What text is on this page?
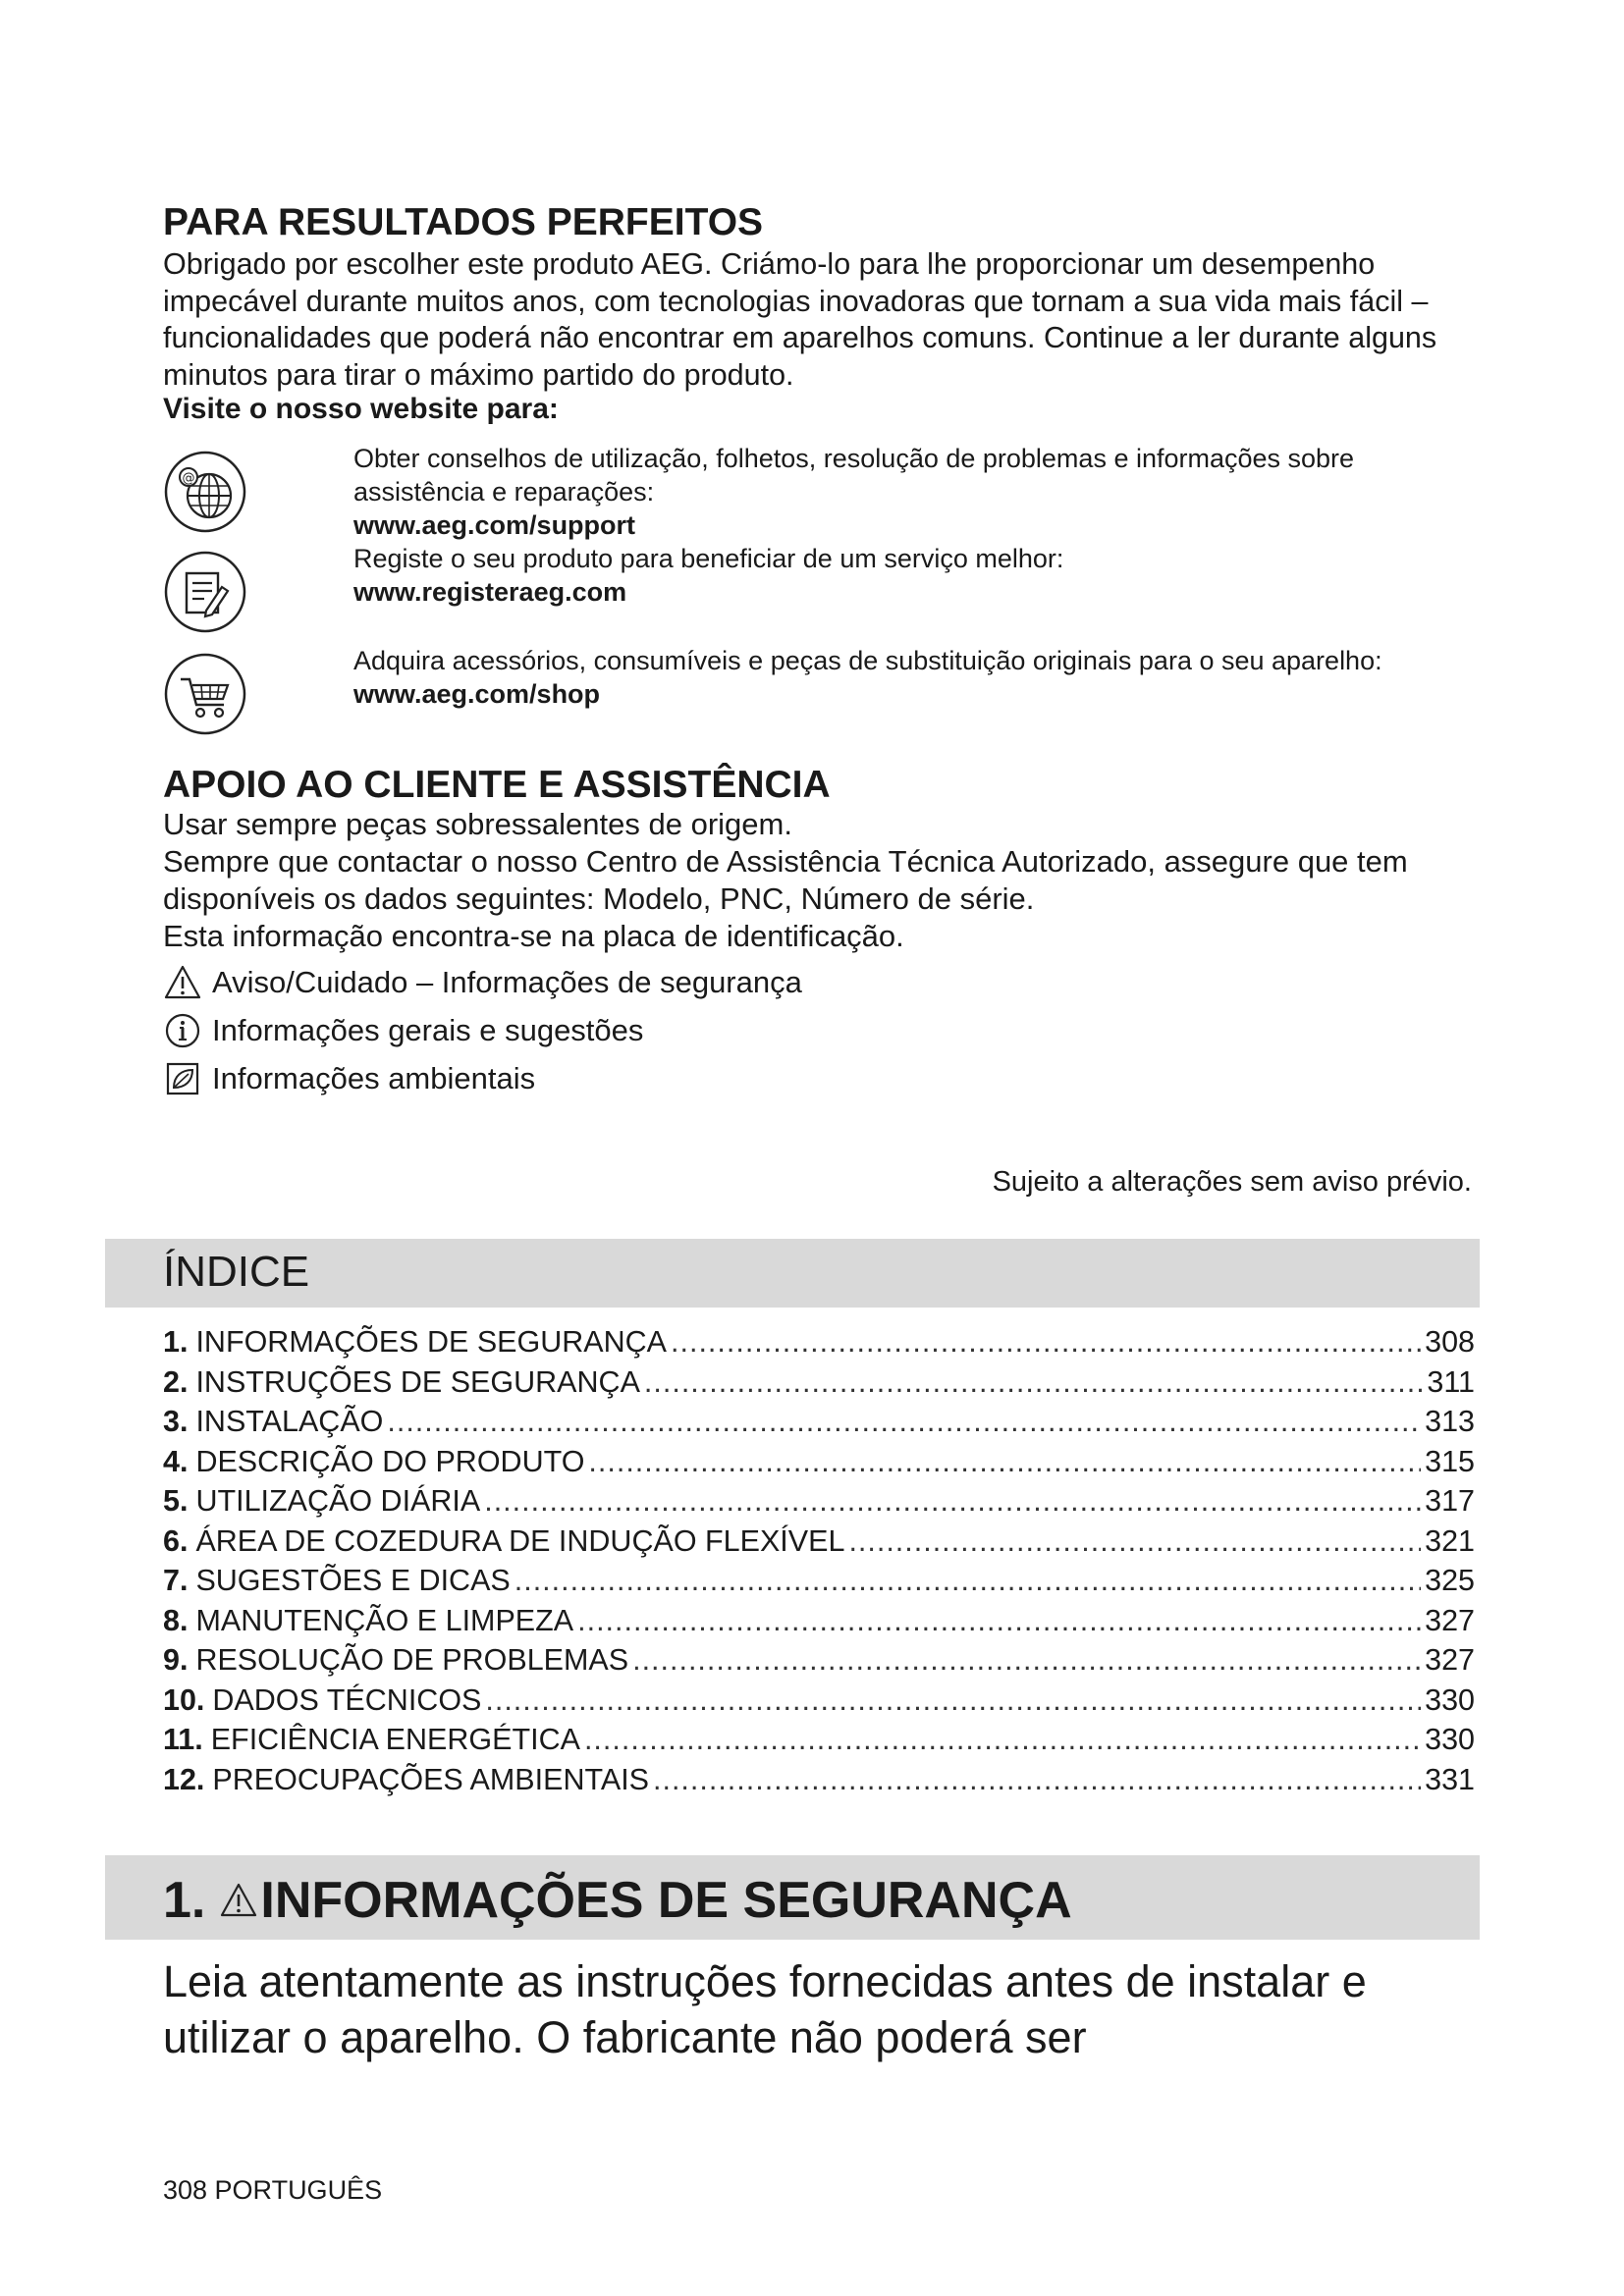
PARA RESULTADOS PERFEITOS

Obrigado por escolher este produto AEG. Criámo-lo para lhe proporcionar um desempenho impecável durante muitos anos, com tecnologias inovadoras que tornam a sua vida mais fácil – funcionalidades que poderá não encontrar em aparelhos comuns. Continue a ler durante alguns minutos para tirar o máximo partido do produto.

Visite o nosso website para:

@

Obter conselhos de utilização, folhetos, resolução de problemas e informações sobre assistência e reparações:

www.aeg.com/support

Registe o seu produto para beneficiar de um serviço melhor:

www.registeraeg.com

Adquira acessórios, consumíveis e peças de substituição originais para o seu aparelho:

www.aeg.com/shop

APOIO AO CLIENTE E ASSISTÊNCIA

Usar sempre peças sobressalentes de origem.
Sempre que contactar o nosso Centro de Assistência Técnica Autorizado, assegure que tem disponíveis os dados seguintes: Modelo, PNC, Número de série.
Esta informação encontra-se na placa de identificação.

Aviso/Cuidado – Informações de segurança
Informações gerais e sugestões
Informações ambientais

Sujeito a alterações sem aviso prévio.

ÍNDICE
1. INFORMAÇÕES DE SEGURANÇA .....	308
2. INSTRUÇÕES DE SEGURANÇA .....	311
3. INSTALAÇÃO .....	313
4. DESCRIÇÃO DO PRODUTO .....	315
5. UTILIZAÇÃO DIÁRIA .....	317
6. ÁREA DE COZEDURA DE INDUÇÃO FLEXÍVEL .....	321
7. SUGESTÕES E DICAS .....	325
8. MANUTENÇÃO E LIMPEZA .....	327
9. RESOLUÇÃO DE PROBLEMAS .....	327
10. DADOS TÉCNICOS .....	330
11. EFICIÊNCIA ENERGÉTICA .....	330
12. PREOCUPAÇÕES AMBIENTAIS .....	331
1. INFORMAÇÕES DE SEGURANÇA

Leia atentamente as instruções fornecidas antes de instalar e utilizar o aparelho. O fabricante não poderá ser

308 PORTUGUÊS
